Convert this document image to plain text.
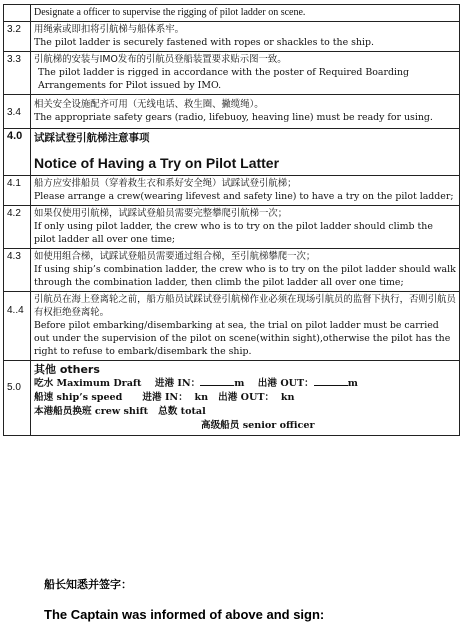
	Designate a officer to supervise the rigging of pilot ladder on scene.

3.2	用绳索或即扣将引航梯与船体系牢。
The pilot ladder is securely fastened with ropes or shackles to the ship.

3.3	引航梯的安装与IMO发布的引航员登船装置要求贴示图一致。
The pilot ladder is rigged in accordance with the poster of Required Boarding Arrangements for Pilot issued by IMO.

3.4	相关安全设施配齐可用（无线电话、救生圈、撇缆绳）。
The appropriate safety gears (radio, lifebuoy, heaving line) must be ready for using.

4.0	试踩试登引航梯注意事项
Notice of Having a Try on Pilot Latter

4.1	船方应安排船员（穿着救生衣和系好安全绳）试踩试登引航梯；
Please arrange a crew(wearing lifevest and safety line) to have a try on the pilot ladder;

4.2	如果仅使用引航梯，试踩试登船员需要完整攀爬引航梯一次；
If only using pilot ladder, the crew who is to try on the pilot ladder should climb the pilot ladder all over one time;

4.3	如使用组合梯，试踩试登船员需要通过组合梯，至引航梯攀爬一次；
If using ship’s combination ladder, the crew who is to try on the pilot ladder should walk through the combination ladder, then climb the pilot ladder all over one time;

4..4	引航员在海上登离轮之前，船方船员试踩试登引航梯作业必须在现场引航员的监督下执行，否则引航员有权拒绝登离轮。
Before pilot embarking/disembarking at sea, the trial on pilot ladder must be carried out under the supervision of the pilot on scene(within sight),otherwise the pilot has the right to refuse to embark/disembark the ship.

5.0	其他 others
吃水 Maximum Draft 进港 IN： m 出港 OUT： m
船速 ship’s speed 进港 IN： kn 出港 OUT： kn
本港船员换班 crew shift 总数 total
高级船员 senior officer
船长知悉并签字：
The Captain was informed of above and sign:
